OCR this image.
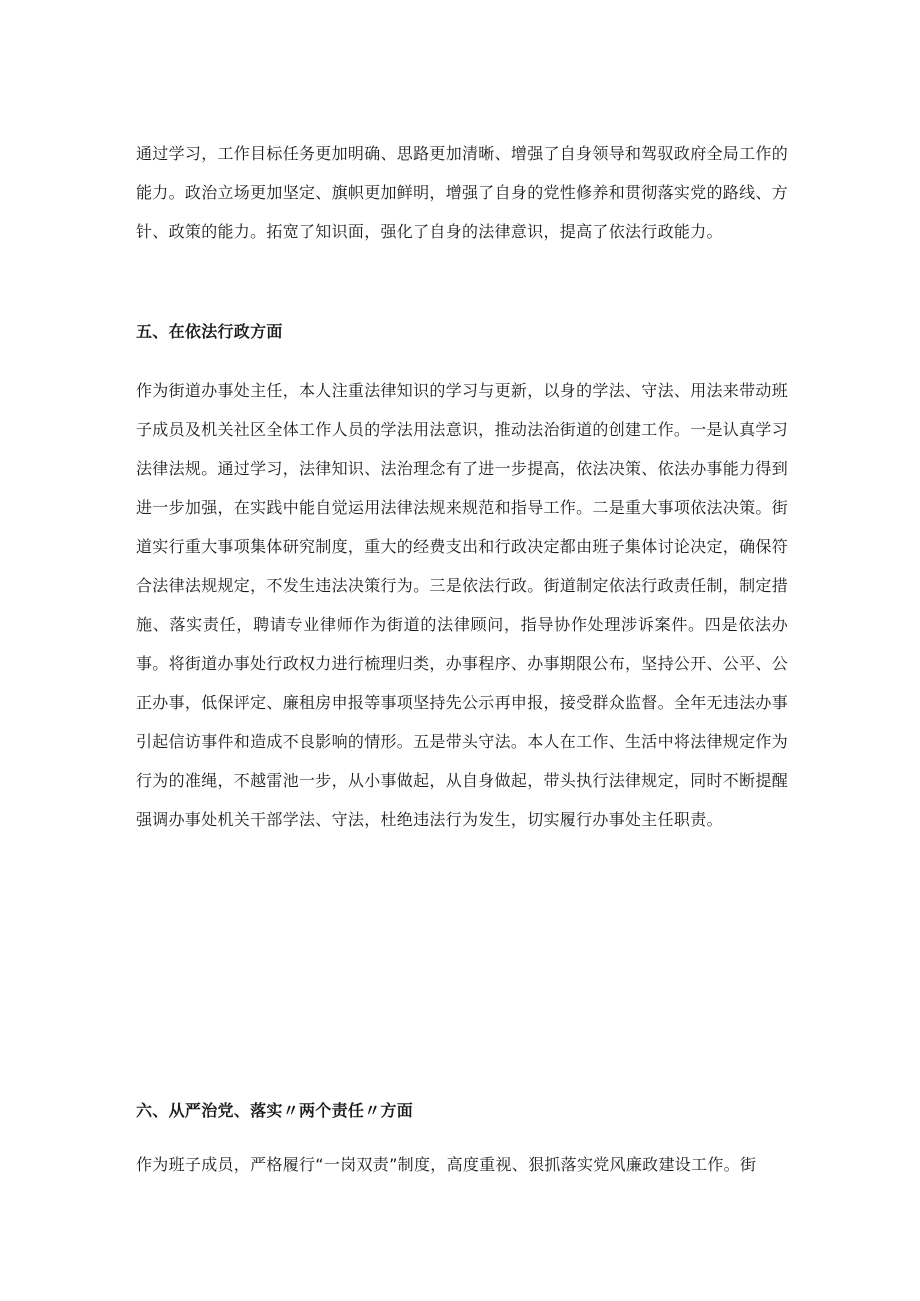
通过学习，工作目标任务更加明确、思路更加清晰、增强了自身领导和驾驭政府全局工作的能力。政治立场更加坚定、旗帜更加鲜明，增强了自身的党性修养和贯彻落实党的路线、方针、政策的能力。拓宽了知识面，强化了自身的法律意识，提高了依法行政能力。

五、在依法行政方面

作为街道办事处主任，本人注重法律知识的学习与更新，以身的学法、守法、用法来带动班子成员及机关社区全体工作人员的学法用法意识，推动法治街道的创建工作。一是认真学习法律法规。通过学习，法律知识、法治理念有了进一步提高，依法决策、依法办事能力得到进一步加强，在实践中能自觉运用法律法规来规范和指导工作。二是重大事项依法决策。街道实行重大事项集体研究制度，重大的经费支出和行政决定都由班子集体讨论决定，确保符合法律法规规定，不发生违法决策行为。三是依法行政。街道制定依法行政责任制，制定措施、落实责任，聘请专业律师作为街道的法律顾问，指导协作处理涉诉案件。四是依法办事。将街道办事处行政权力进行梳理归类，办事程序、办事期限公布，坚持公开、公平、公正办事，低保评定、廉租房申报等事项坚持先公示再申报，接受群众监督。全年无违法办事引起信访事件和造成不良影响的情形。五是带头守法。本人在工作、生活中将法律规定作为行为的准绳，不越雷池一步，从小事做起，从自身做起，带头执行法律规定，同时不断提醒强调办事处机关干部学法、守法，杜绝违法行为发生，切实履行办事处主任职责。

六、从严治党、落实〃两个责任〃方面

作为班子成员，严格履行“一岗双责”制度，高度重视、狠抓落实党风廉政建设工作。街
